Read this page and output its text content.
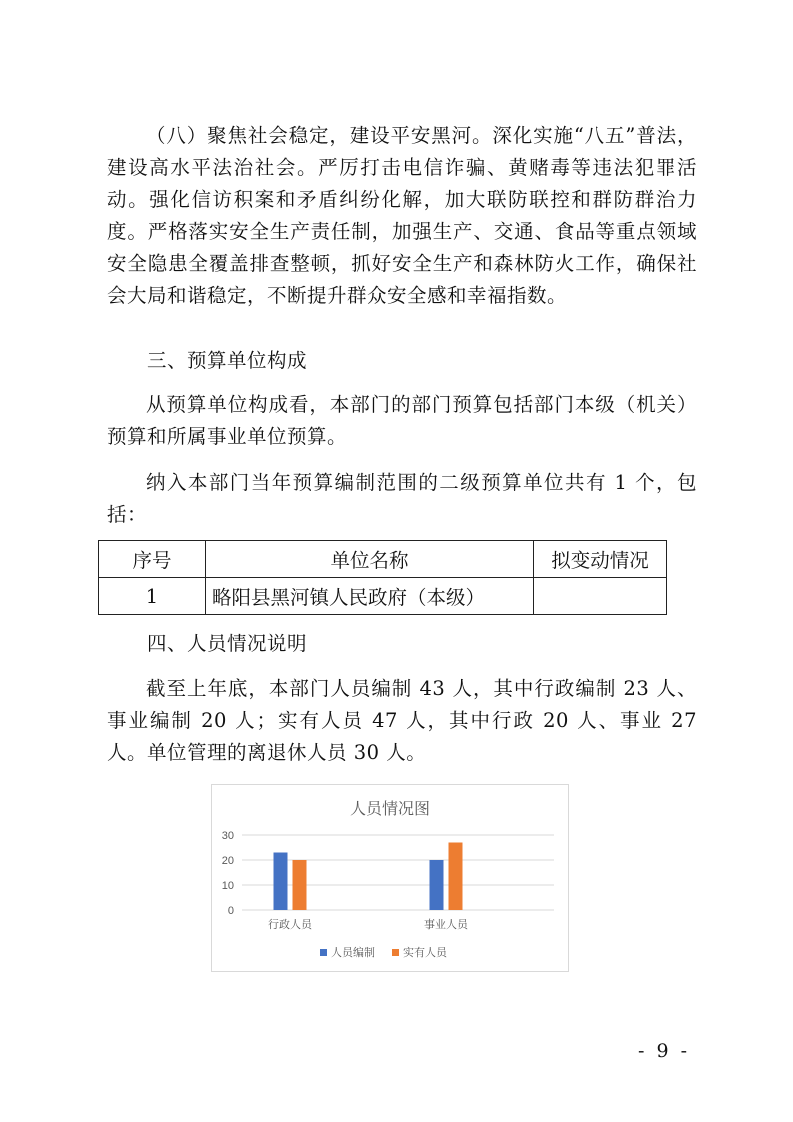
（八）聚焦社会稳定，建设平安黑河。深化实施“八五”普法，建设高水平法治社会。严厉打击电信诈骗、黄赌毒等违法犯罪活动。强化信访积案和矛盾纠纷化解，加大联防联控和群防群治力度。严格落实安全生产责任制，加强生产、交通、食品等重点领域安全隐患全覆盖排查整顿，抓好安全生产和森林防火工作，确保社会大局和谐稳定，不断提升群众安全感和幸福指数。
三、预算单位构成
从预算单位构成看，本部门的部门预算包括部门本级（机关）预算和所属事业单位预算。
纳入本部门当年预算编制范围的二级预算单位共有 1 个，包括：
序号	单位名称	拟变动情况
1	略阳县黑河镇人民政府（本级）	
四、人员情况说明
截至上年底，本部门人员编制 43 人，其中行政编制 23 人、事业编制 20 人；实有人员 47 人，其中行政 20 人、事业 27 人。单位管理的离退休人员 30 人。
人员情况图
0
10
20
30
行政人员	事业人员
人员编制	实有人员
- 9 -
